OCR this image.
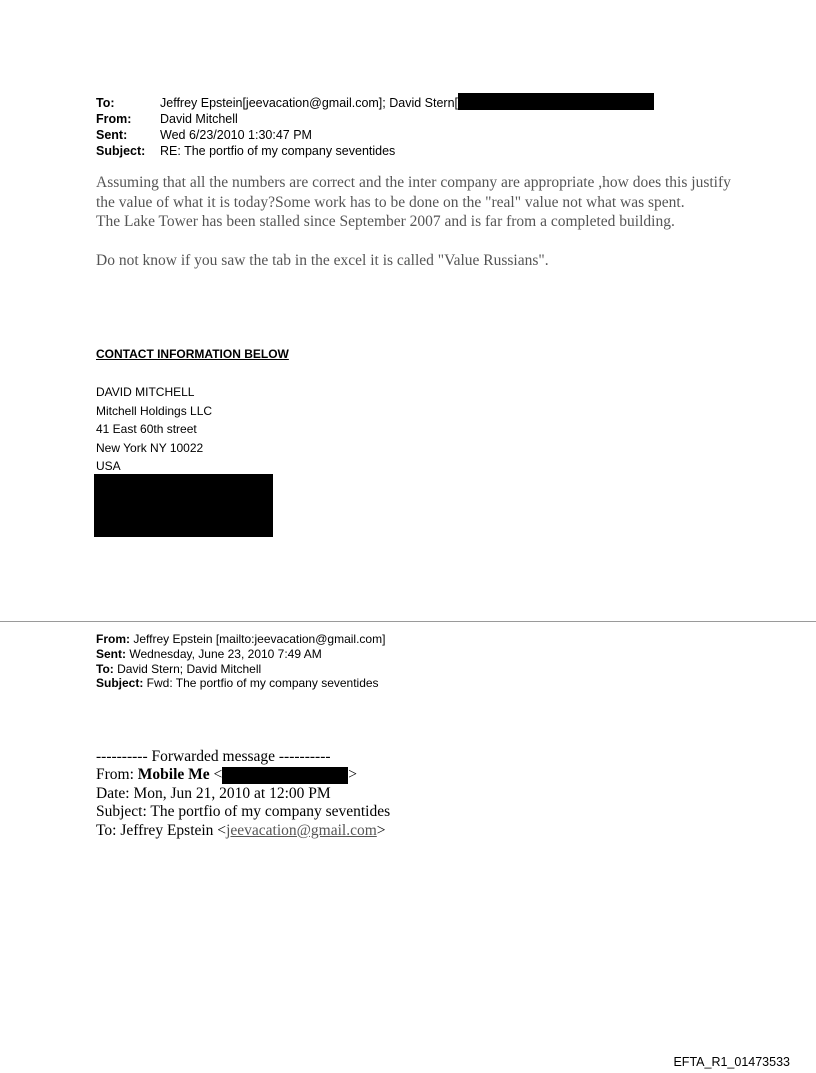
To:	Jeffrey Epstein[jeevacation@gmail.com]; David Stern[
From:	David Mitchell
Sent:	Wed 6/23/2010 1:30:47 PM
Subject:	RE: The portfio of my company seventides

Assuming that all the numbers are correct and the inter company are appropriate ,how does this justify the value of what it is today?Some work has to be done on the "real" value not what was spent.

The Lake Tower has been stalled since September 2007 and is far from a completed building.

Do not know if you saw the tab in the excel it is called "Value Russians".

CONTACT INFORMATION BELOW
DAVID MITCHELL
Mitchell Holdings LLC
41 East 60th street
New York NY 10022
USA
From: Jeffrey Epstein [mailto:jeevacation@gmail.com]
Sent: Wednesday, June 23, 2010 7:49 AM
To: David Stern; David Mitchell
Subject: Fwd: The portfio of my company seventides
---------- Forwarded message ----------
From: Mobile Me <	>
Date: Mon, Jun 21, 2010 at 12:00 PM
Subject: The portfio of my company seventides
To: Jeffrey Epstein <jeevacation@gmail.com>
EFTA_R1_01473533
